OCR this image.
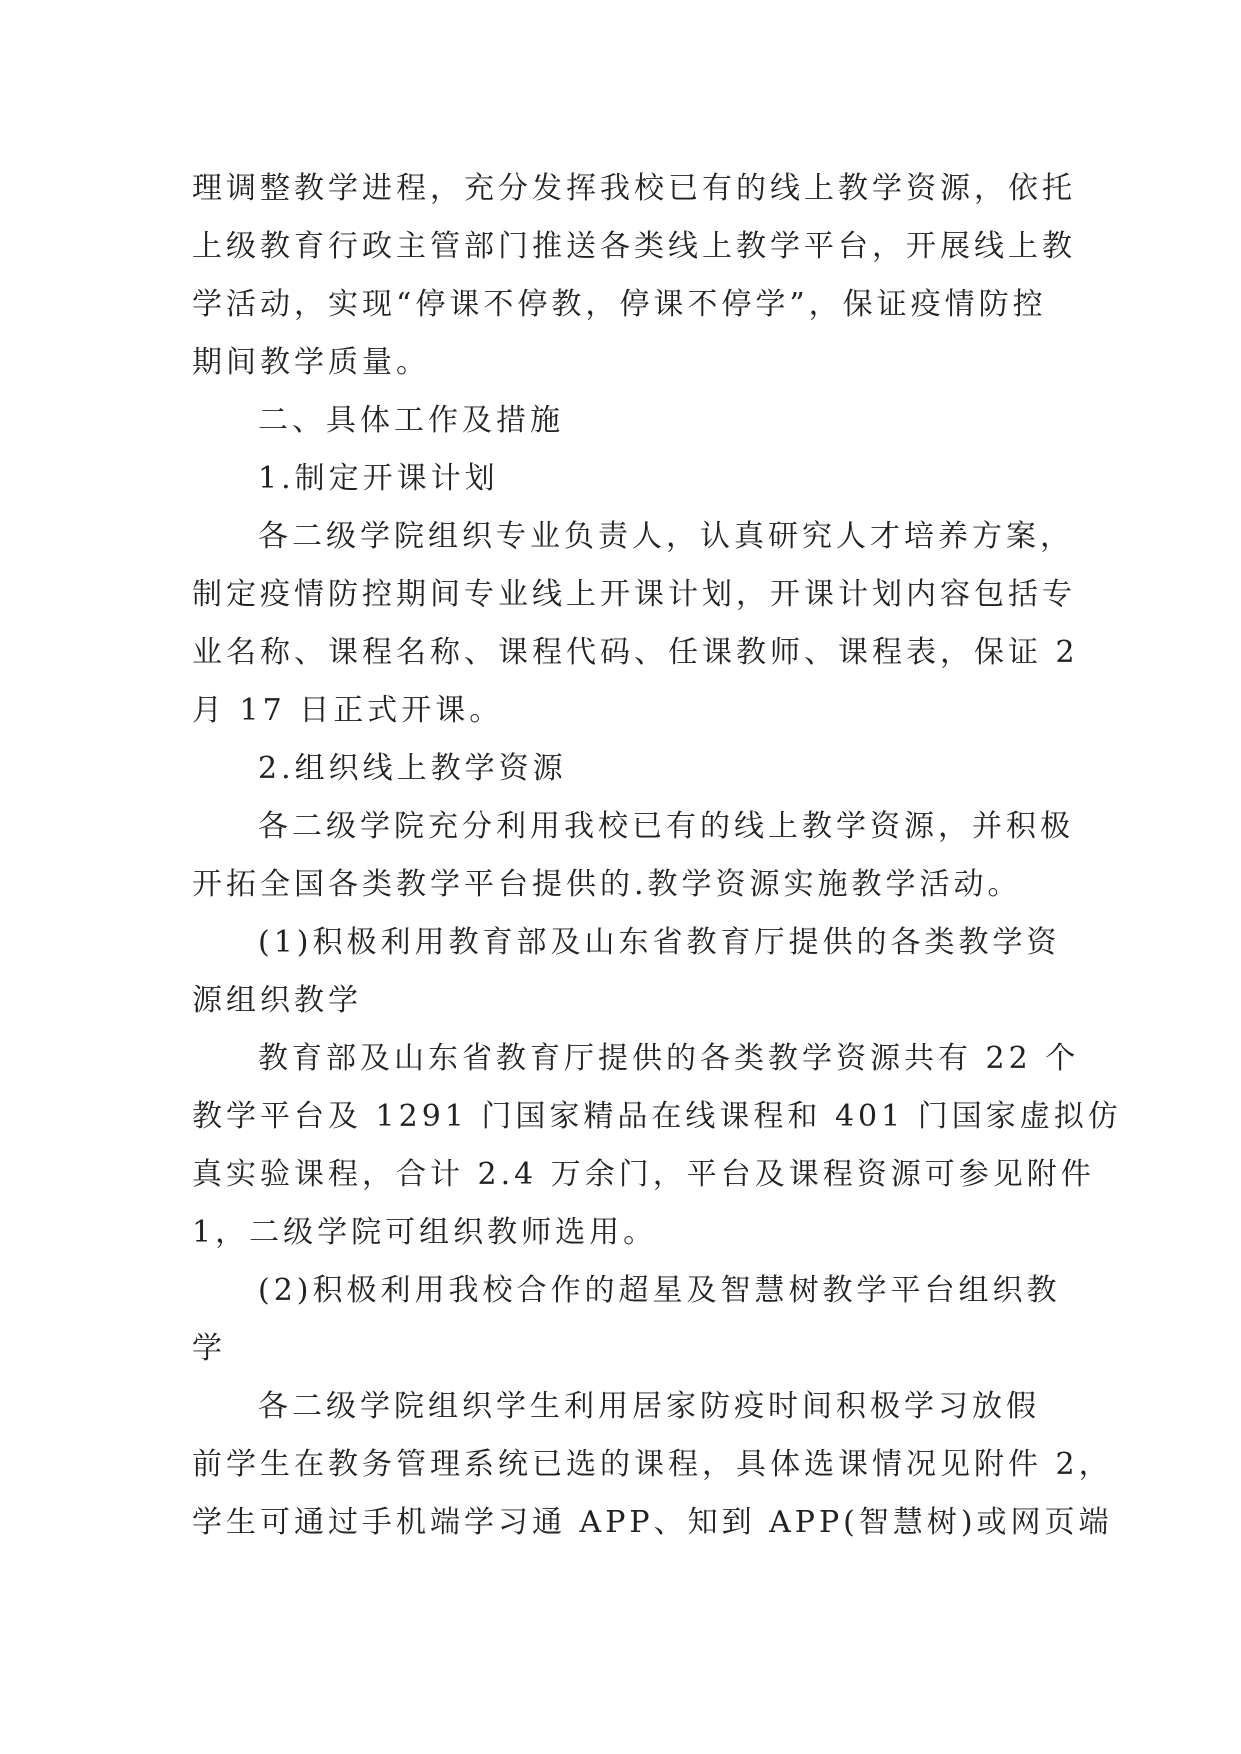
理调整教学进程，充分发挥我校已有的线上教学资源，依托
上级教育行政主管部门推送各类线上教学平台，开展线上教
学活动，实现“停课不停教，停课不停学”，保证疫情防控
期间教学质量。
二、具体工作及措施
1.制定开课计划
各二级学院组织专业负责人，认真研究人才培养方案，
制定疫情防控期间专业线上开课计划，开课计划内容包括专
业名称、课程名称、课程代码、任课教师、课程表，保证 2
月 17 日正式开课。
2.组织线上教学资源
各二级学院充分利用我校已有的线上教学资源，并积极
开拓全国各类教学平台提供的.教学资源实施教学活动。
(1)积极利用教育部及山东省教育厅提供的各类教学资
源组织教学
教育部及山东省教育厅提供的各类教学资源共有 22 个
教学平台及 1291 门国家精品在线课程和 401 门国家虚拟仿
真实验课程，合计 2.4 万余门，平台及课程资源可参见附件
1，二级学院可组织教师选用。
(2)积极利用我校合作的超星及智慧树教学平台组织教
学
各二级学院组织学生利用居家防疫时间积极学习放假
前学生在教务管理系统已选的课程，具体选课情况见附件 2，
学生可通过手机端学习通 APP、知到 APP(智慧树)或网页端
